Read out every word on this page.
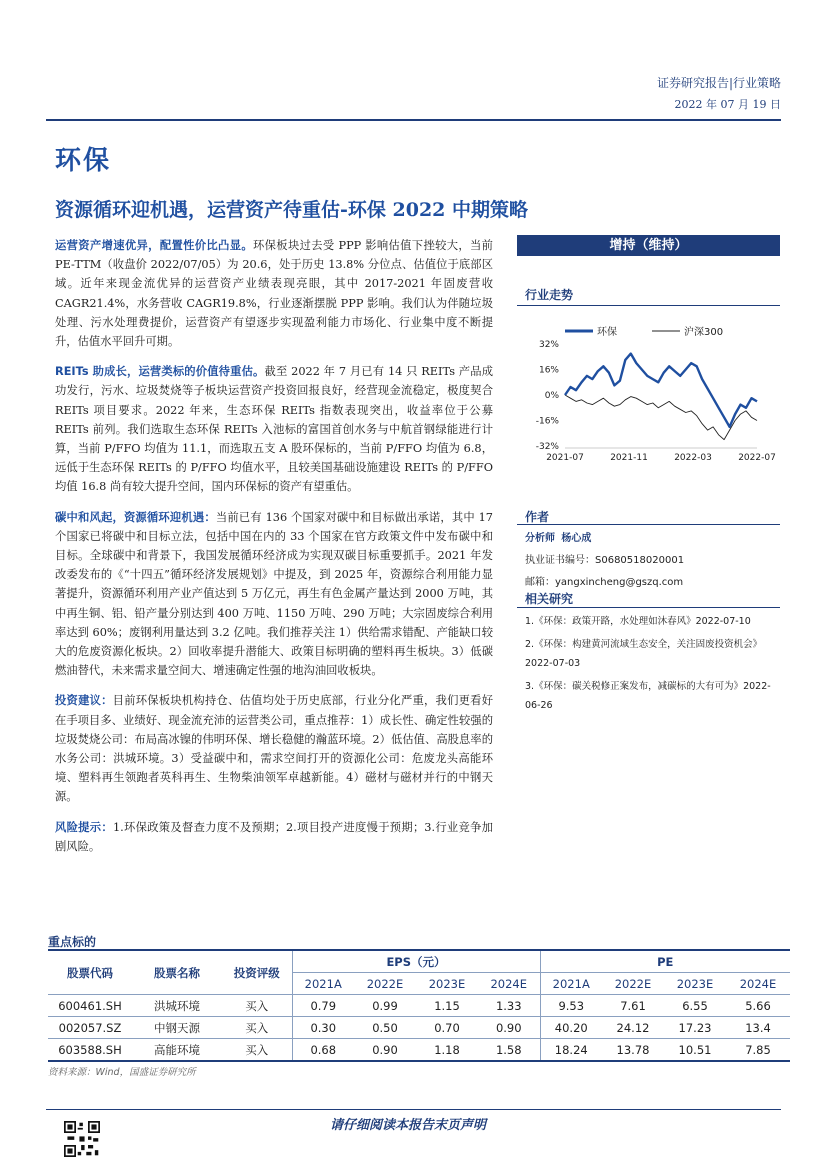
证券研究报告|行业策略
2022 年 07 月 19 日
环保
资源循环迎机遇，运营资产待重估-环保 2022 中期策略

运营资产增速优异，配置性价比凸显。环保板块过去受 PPP 影响估值下挫较大，当前 PE-TTM（收盘价 2022/07/05）为 20.6，处于历史 13.8% 分位点、估值位于底部区域。近年来现金流优异的运营资产业绩表现亮眼，其中 2017-2021 年固废营收 CAGR21.4%，水务营收 CAGR19.8%，行业逐渐摆脱 PPP 影响。我们认为伴随垃圾处理、污水处理费提价，运营资产有望逐步实现盈利能力市场化、行业集中度不断提升，估值水平回升可期。

REITs 助成长，运营类标的价值待重估。截至 2022 年 7 月已有 14 只 REITs 产品成功发行，污水、垃圾焚烧等子板块运营资产投资回报良好，经营现金流稳定，极度契合 REITs 项目要求。2022 年来，生态环保 REITs 指数表现突出，收益率位于公募 REITs 前列。我们选取生态环保 REITs 入池标的富国首创水务与中航首钢绿能进行计算，当前 P/FFO 均值为 11.1，而选取五支 A 股环保标的，当前 P/FFO 均值为 6.8，远低于生态环保 REITs 的 P/FFO 均值水平，且较美国基础设施建设 REITs 的 P/FFO 均值 16.8 尚有较大提升空间，国内环保标的资产有望重估。

碳中和风起，资源循环迎机遇：当前已有 136 个国家对碳中和目标做出承诺，其中 17 个国家已将碳中和目标立法，包括中国在内的 33 个国家在官方政策文件中发布碳中和目标。全球碳中和背景下，我国发展循环经济成为实现双碳目标重要抓手。2021 年发改委发布的《“十四五”循环经济发展规划》中提及，到 2025 年，资源综合利用能力显著提升，资源循环利用产业产值达到 5 万亿元，再生有色金属产量达到 2000 万吨，其中再生铜、铝、铅产量分别达到 400 万吨、1150 万吨、290 万吨；大宗固废综合利用率达到 60%；废钢利用量达到 3.2 亿吨。我们推荐关注 1）供给需求错配、产能缺口较大的危废资源化板块。2）回收率提升潜能大、政策目标明确的塑料再生板块。3）低碳燃油替代，未来需求量空间大、增速确定性强的地沟油回收板块。

投资建议：目前环保板块机构持仓、估值均处于历史底部，行业分化严重，我们更看好在手项目多、业绩好、现金流充沛的运营类公司，重点推荐：1）成长性、确定性较强的垃圾焚烧公司：布局高冰镍的伟明环保、增长稳健的瀚蓝环境。2）低估值、高股息率的水务公司：洪城环境。3）受益碳中和，需求空间打开的资源化公司：危废龙头高能环境、塑料再生领跑者英科再生、生物柴油领军卓越新能。4）磁材与磁材并行的中钢天源。

风险提示：1.环保政策及督查力度不及预期；2.项目投产进度慢于预期；3.行业竞争加剧风险。

增持（维持）
行业走势
环保	沪深300
32%
16%
0%
-16%
-32%
2021-07	2021-11	2022-03	2022-07
作者
分析师 杨心成
执业证书编号：S0680518020001
邮箱：yangxincheng@gszq.com
相关研究
1.《环保：政策开路，水处理如沐春风》2022-07-10
2.《环保：构建黄河流域生态安全，关注固废投资机会》2022-07-03
3.《环保：碳关税修正案发布，减碳标的大有可为》2022-06-26
重点标的
股票代码	股票名称	投资评级	EPS（元）				PE			
			2021A	2022E	2023E	2024E	2021A	2022E	2023E	2024E
600461.SH	洪城环境	买入	0.79	0.99	1.15	1.33	9.53	7.61	6.55	5.66
002057.SZ	中钢天源	买入	0.30	0.50	0.70	0.90	40.20	24.12	17.23	13.4
603588.SH	高能环境	买入	0.68	0.90	1.18	1.58	18.24	13.78	10.51	7.85
资料来源：Wind，国盛证券研究所
请仔细阅读本报告末页声明
